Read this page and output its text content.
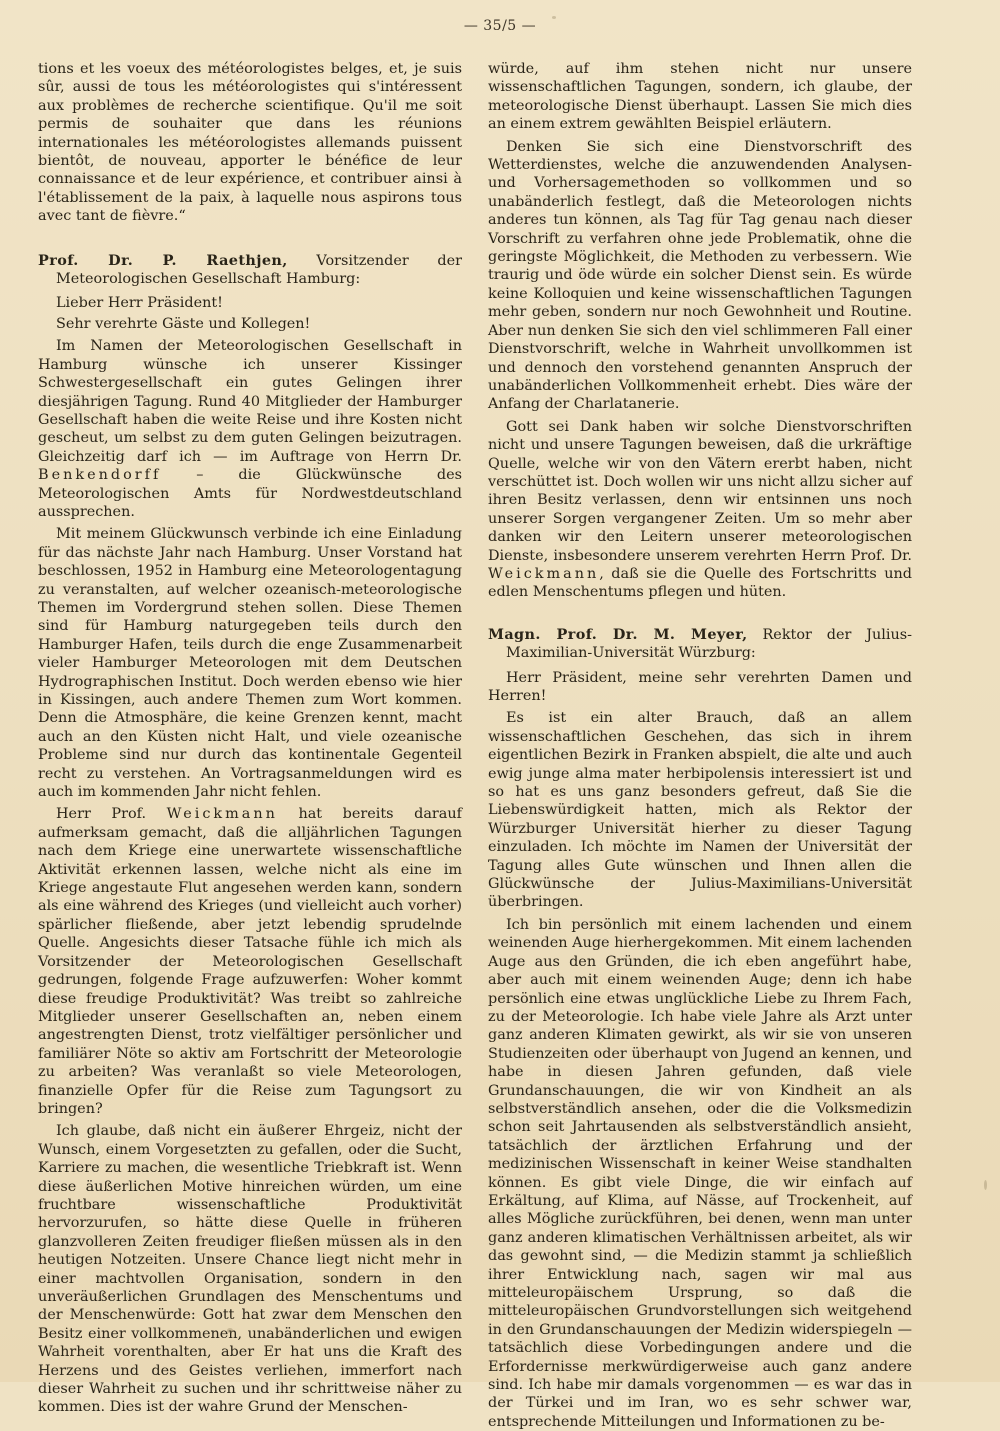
— 35/5 —

tions et les voeux des météorologistes belges, et, je suis sûr, aussi de tous les météorologistes qui s'intéressent aux problèmes de recherche scientifique. Qu'il me soit permis de souhaiter que dans les réunions internationales les météorologistes allemands puissent bientôt, de nouveau, apporter le bénéfice de leur connaissance et de leur expérience, et contribuer ainsi à l'établissement de la paix, à laquelle nous aspirons tous avec tant de fièvre.“

Prof. Dr. P. Raethjen, Vorsitzender der Meteorologischen Gesellschaft Hamburg:

Lieber Herr Präsident!

Sehr verehrte Gäste und Kollegen!

Im Namen der Meteorologischen Gesellschaft in Hamburg wünsche ich unserer Kissinger Schwestergesellschaft ein gutes Gelingen ihrer diesjährigen Tagung. Rund 40 Mitglieder der Hamburger Gesellschaft haben die weite Reise und ihre Kosten nicht gescheut, um selbst zu dem guten Gelingen beizutragen. Gleichzeitig darf ich — im Auftrage von Herrn Dr. Benkendorff – die Glückwünsche des Meteorologischen Amts für Nordwestdeutschland aussprechen.

Mit meinem Glückwunsch verbinde ich eine Einladung für das nächste Jahr nach Hamburg. Unser Vorstand hat beschlossen, 1952 in Hamburg eine Meteorologentagung zu veranstalten, auf welcher ozeanisch-meteorologische Themen im Vordergrund stehen sollen. Diese Themen sind für Hamburg naturgegeben teils durch den Hamburger Hafen, teils durch die enge Zusammenarbeit vieler Hamburger Meteorologen mit dem Deutschen Hydrographischen Institut. Doch werden ebenso wie hier in Kissingen, auch andere Themen zum Wort kommen. Denn die Atmosphäre, die keine Grenzen kennt, macht auch an den Küsten nicht Halt, und viele ozeanische Probleme sind nur durch das kontinentale Gegenteil recht zu verstehen. An Vortragsanmeldungen wird es auch im kommenden Jahr nicht fehlen.

Herr Prof. Weickmann hat bereits darauf aufmerksam gemacht, daß die alljährlichen Tagungen nach dem Kriege eine unerwartete wissenschaftliche Aktivität erkennen lassen, welche nicht als eine im Kriege angestaute Flut angesehen werden kann, sondern als eine während des Krieges (und vielleicht auch vorher) spärlicher fließende, aber jetzt lebendig sprudelnde Quelle. Angesichts dieser Tatsache fühle ich mich als Vorsitzender der Meteorologischen Gesellschaft gedrungen, folgende Frage aufzuwerfen: Woher kommt diese freudige Produktivität? Was treibt so zahlreiche Mitglieder unserer Gesellschaften an, neben einem angestrengten Dienst, trotz vielfältiger persönlicher und familiärer Nöte so aktiv am Fortschritt der Meteorologie zu arbeiten? Was veranlaßt so viele Meteorologen, finanzielle Opfer für die Reise zum Tagungsort zu bringen?

Ich glaube, daß nicht ein äußerer Ehrgeiz, nicht der Wunsch, einem Vorgesetzten zu gefallen, oder die Sucht, Karriere zu machen, die wesentliche Triebkraft ist. Wenn diese äußerlichen Motive hinreichen würden, um eine fruchtbare wissenschaftliche Produktivität hervorzurufen, so hätte diese Quelle in früheren glanzvolleren Zeiten freudiger fließen müssen als in den heutigen Notzeiten. Unsere Chance liegt nicht mehr in einer machtvollen Organisation, sondern in den unveräußerlichen Grundlagen des Menschentums und der Menschenwürde: Gott hat zwar dem Menschen den Besitz einer vollkommenen, unabänderlichen und ewigen Wahrheit vorenthalten, aber Er hat uns die Kraft des Herzens und des Geistes verliehen, immerfort nach dieser Wahrheit zu suchen und ihr schrittweise näher zu kommen. Dies ist der wahre Grund der Menschen-

würde, auf ihm stehen nicht nur unsere wissenschaftlichen Tagungen, sondern, ich glaube, der meteorologische Dienst überhaupt. Lassen Sie mich dies an einem extrem gewählten Beispiel erläutern.

Denken Sie sich eine Dienstvorschrift des Wetterdienstes, welche die anzuwendenden Analysen- und Vorhersagemethoden so vollkommen und so unabänderlich festlegt, daß die Meteorologen nichts anderes tun können, als Tag für Tag genau nach dieser Vorschrift zu verfahren ohne jede Problematik, ohne die geringste Möglichkeit, die Methoden zu verbessern. Wie traurig und öde würde ein solcher Dienst sein. Es würde keine Kolloquien und keine wissenschaftlichen Tagungen mehr geben, sondern nur noch Gewohnheit und Routine. Aber nun denken Sie sich den viel schlimmeren Fall einer Dienstvorschrift, welche in Wahrheit unvollkommen ist und dennoch den vorstehend genannten Anspruch der unabänderlichen Vollkommenheit erhebt. Dies wäre der Anfang der Charlatanerie.

Gott sei Dank haben wir solche Dienstvorschriften nicht und unsere Tagungen beweisen, daß die urkräftige Quelle, welche wir von den Vätern ererbt haben, nicht verschüttet ist. Doch wollen wir uns nicht allzu sicher auf ihren Besitz verlassen, denn wir entsinnen uns noch unserer Sorgen vergangener Zeiten. Um so mehr aber danken wir den Leitern unserer meteorologischen Dienste, insbesondere unserem verehrten Herrn Prof. Dr. Weickmann, daß sie die Quelle des Fortschritts und edlen Menschentums pflegen und hüten.

Magn. Prof. Dr. M. Meyer, Rektor der Julius-Maximilian-Universität Würzburg:

Herr Präsident, meine sehr verehrten Damen und Herren!

Es ist ein alter Brauch, daß an allem wissenschaftlichen Geschehen, das sich in ihrem eigentlichen Bezirk in Franken abspielt, die alte und auch ewig junge alma mater herbipolensis interessiert ist und so hat es uns ganz besonders gefreut, daß Sie die Liebenswürdigkeit hatten, mich als Rektor der Würzburger Universität hierher zu dieser Tagung einzuladen. Ich möchte im Namen der Universität der Tagung alles Gute wünschen und Ihnen allen die Glückwünsche der Julius-Maximilians-Universität überbringen.

Ich bin persönlich mit einem lachenden und einem weinenden Auge hierhergekommen. Mit einem lachenden Auge aus den Gründen, die ich eben angeführt habe, aber auch mit einem weinenden Auge; denn ich habe persönlich eine etwas unglückliche Liebe zu Ihrem Fach, zu der Meteorologie. Ich habe viele Jahre als Arzt unter ganz anderen Klimaten gewirkt, als wir sie von unseren Studienzeiten oder überhaupt von Jugend an kennen, und habe in diesen Jahren gefunden, daß viele Grundanschauungen, die wir von Kindheit an als selbstverständlich ansehen, oder die die Volksmedizin schon seit Jahrtausenden als selbstverständlich ansieht, tatsächlich der ärztlichen Erfahrung und der medizinischen Wissenschaft in keiner Weise standhalten können. Es gibt viele Dinge, die wir einfach auf Erkältung, auf Klima, auf Nässe, auf Trockenheit, auf alles Mögliche zurückführen, bei denen, wenn man unter ganz anderen klimatischen Verhältnissen arbeitet, als wir das gewohnt sind, — die Medizin stammt ja schließlich ihrer Entwicklung nach, sagen wir mal aus mitteleuropäischem Ursprung, so daß die mitteleuropäischen Grundvorstellungen sich weitgehend in den Grundanschauungen der Medizin widerspiegeln — tatsächlich diese Vorbedingungen andere und die Erfordernisse merkwürdigerweise auch ganz andere sind. Ich habe mir damals vorgenommen — es war das in der Türkei und im Iran, wo es sehr schwer war, entsprechende Mitteilungen und Informationen zu be-
